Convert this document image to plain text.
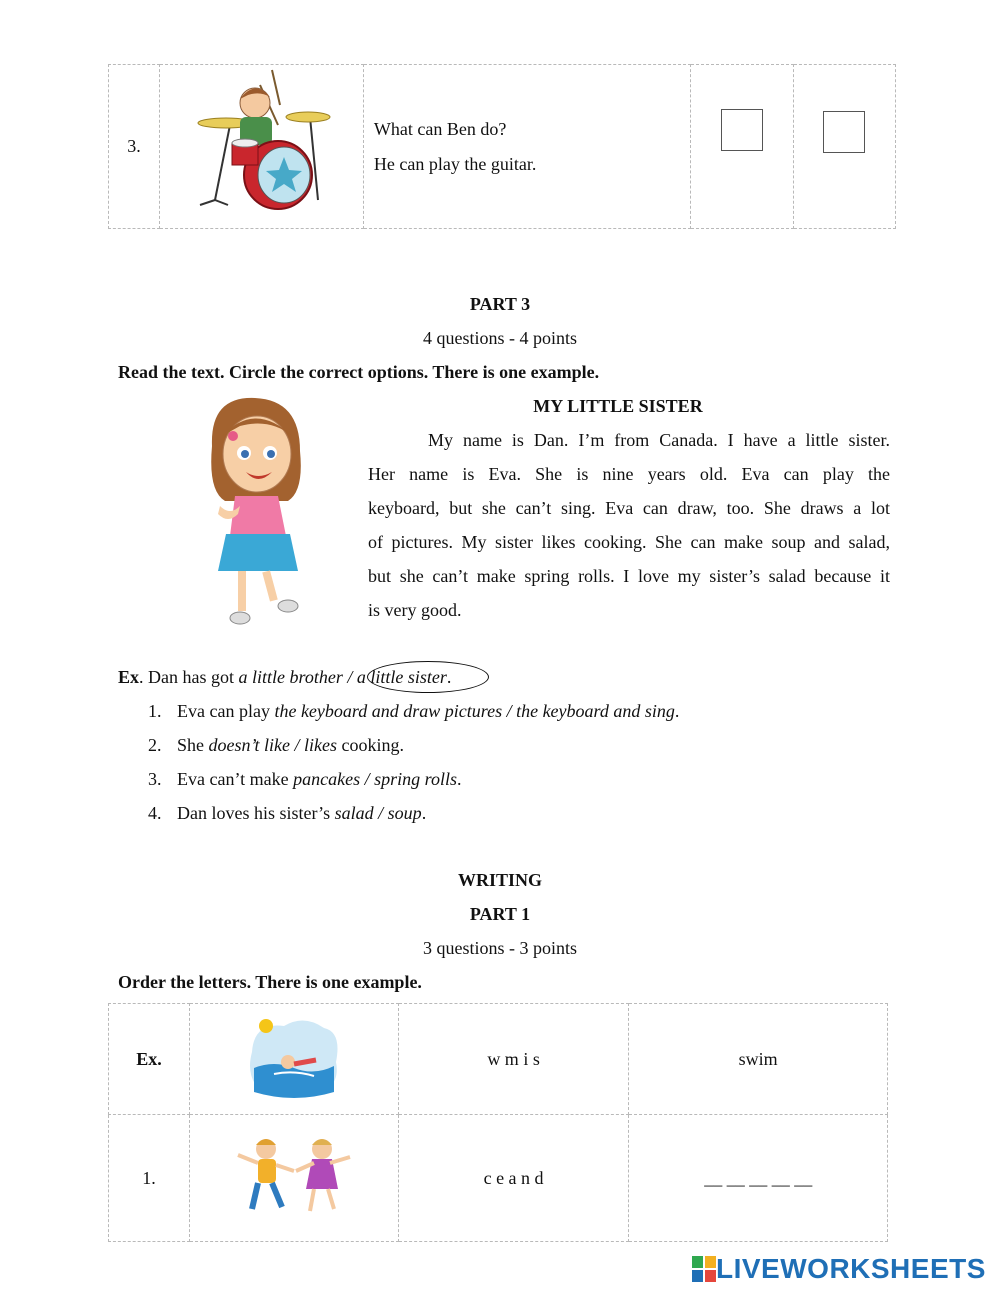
3.		
What can Ben do?
He can play the guitar.

PART 3
4 questions - 4 points
Read the text. Circle the correct options. There is one example.
MY LITTLE SISTER
My name is Dan. I’m from Canada. I have a little sister.
Her name is Eva. She is nine years old. Eva can play the
keyboard, but she can’t sing. Eva can draw, too. She draws a lot
of pictures. My sister likes cooking. She can make soup and salad,
but she can’t make spring rolls. I love my sister’s salad because it
is very good.
Ex. Dan has got a little brother / a little sister.
1. Eva can play the keyboard and draw pictures / the keyboard and sing.
2. She doesn’t like / likes cooking.
3. Eva can’t make pancakes / spring rolls.
4. Dan loves his sister’s salad / soup.
WRITING
PART 1
3 questions - 3 points
Order the letters. There is one example.
Ex.		w m i s	swim
1.		c e a n d	__ __ __ __ __
LIVEWORKSHEETS
